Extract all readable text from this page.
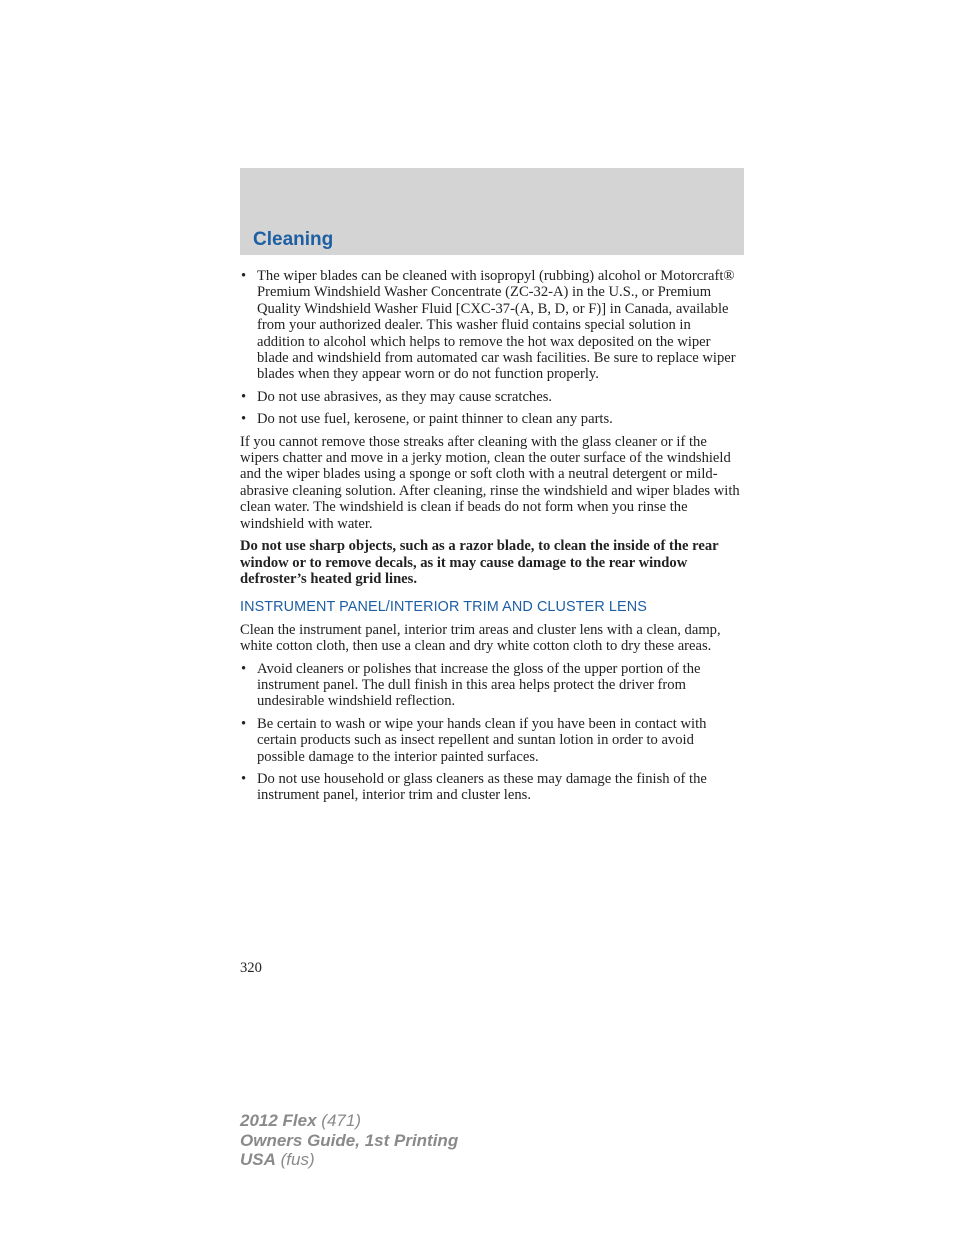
Cleaning
• The wiper blades can be cleaned with isopropyl (rubbing) alcohol or Motorcraft® Premium Windshield Washer Concentrate (ZC-32-A) in the U.S., or Premium Quality Windshield Washer Fluid [CXC-37-(A, B, D, or F)] in Canada, available from your authorized dealer. This washer fluid contains special solution in addition to alcohol which helps to remove the hot wax deposited on the wiper blade and windshield from automated car wash facilities. Be sure to replace wiper blades when they appear worn or do not function properly.
• Do not use abrasives, as they may cause scratches.
• Do not use fuel, kerosene, or paint thinner to clean any parts.

If you cannot remove those streaks after cleaning with the glass cleaner or if the wipers chatter and move in a jerky motion, clean the outer surface of the windshield and the wiper blades using a sponge or soft cloth with a neutral detergent or mild-abrasive cleaning solution. After cleaning, rinse the windshield and wiper blades with clean water. The windshield is clean if beads do not form when you rinse the windshield with water.

Do not use sharp objects, such as a razor blade, to clean the inside of the rear window or to remove decals, as it may cause damage to the rear window defroster’s heated grid lines.

INSTRUMENT PANEL/INTERIOR TRIM AND CLUSTER LENS

Clean the instrument panel, interior trim areas and cluster lens with a clean, damp, white cotton cloth, then use a clean and dry white cotton cloth to dry these areas.

• Avoid cleaners or polishes that increase the gloss of the upper portion of the instrument panel. The dull finish in this area helps protect the driver from undesirable windshield reflection.
• Be certain to wash or wipe your hands clean if you have been in contact with certain products such as insect repellent and suntan lotion in order to avoid possible damage to the interior painted surfaces.
• Do not use household or glass cleaners as these may damage the finish of the instrument panel, interior trim and cluster lens.
320
2012 Flex (471)
Owners Guide, 1st Printing
USA (fus)
